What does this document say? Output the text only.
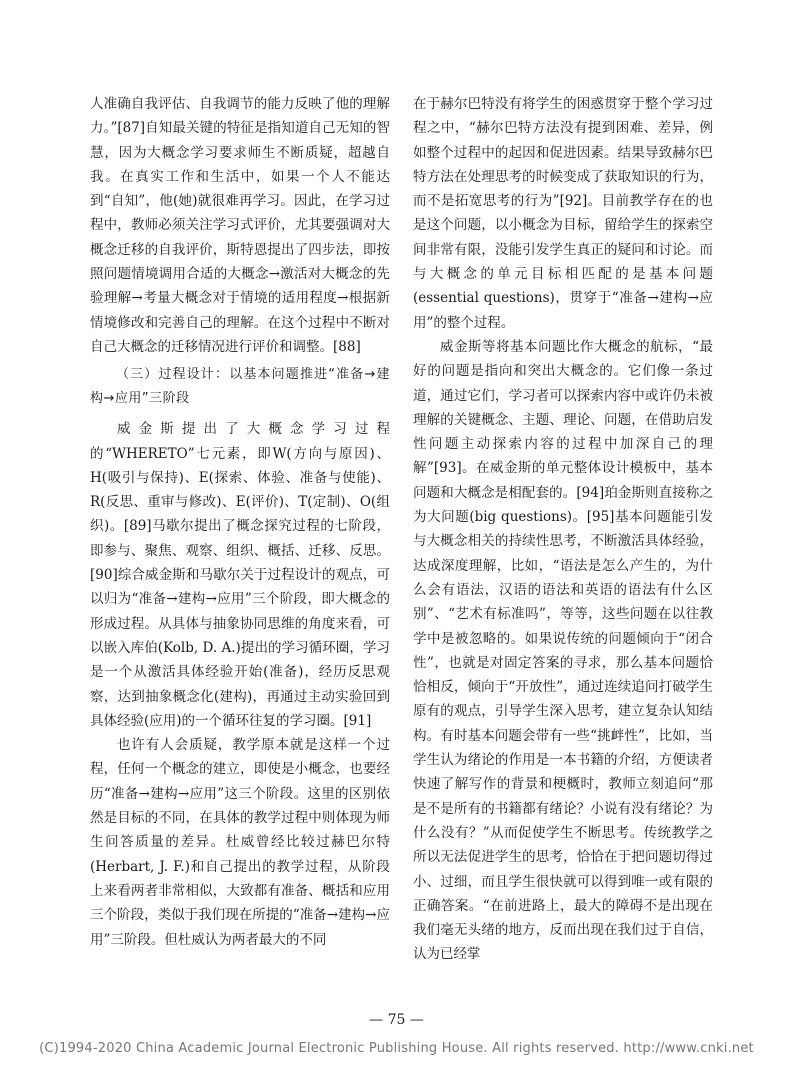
人准确自我评估、自我调节的能力反映了他的理解力。”[87]自知最关键的特征是指知道自己无知的智慧，因为大概念学习要求师生不断质疑，超越自我。在真实工作和生活中，如果一个人不能达到“自知”，他(她)就很难再学习。因此，在学习过程中，教师必须关注学习式评价，尤其要强调对大概念迁移的自我评价，斯特恩提出了四步法，即按照问题情境调用合适的大概念→激活对大概念的先验理解→考量大概念对于情境的适用程度→根据新情境修改和完善自己的理解。在这个过程中不断对自己大概念的迁移情况进行评价和调整。[88]

（三）过程设计：以基本问题推进“准备→建构→应用”三阶段

威金斯提出了大概念学习过程的“WHERETO”七元素，即W(方向与原因)、H(吸引与保持)、E(探索、体验、准备与使能)、R(反思、重审与修改)、E(评价)、T(定制)、O(组织)。[89]马歇尔提出了概念探究过程的七阶段，即参与、聚焦、观察、组织、概括、迁移、反思。[90]综合威金斯和马歇尔关于过程设计的观点，可以归为“准备→建构→应用”三个阶段，即大概念的形成过程。从具体与抽象协同思维的角度来看，可以嵌入库伯(Kolb, D. A.)提出的学习循环圈，学习是一个从激活具体经验开始(准备)，经历反思观察，达到抽象概念化(建构)，再通过主动实验回到具体经验(应用)的一个循环往复的学习圈。[91]

也许有人会质疑，教学原本就是这样一个过程，任何一个概念的建立，即使是小概念，也要经历“准备→建构→应用”这三个阶段。这里的区别依然是目标的不同，在具体的教学过程中则体现为师生问答质量的差异。杜威曾经比较过赫巴尔特(Herbart, J. F.)和自己提出的教学过程，从阶段上来看两者非常相似，大致都有准备、概括和应用三个阶段，类似于我们现在所提的“准备→建构→应用”三阶段。但杜威认为两者最大的不同

在于赫尔巴特没有将学生的困惑贯穿于整个学习过程之中，“赫尔巴特方法没有提到困难、差异，例如整个过程中的起因和促进因素。结果导致赫尔巴特方法在处理思考的时候变成了获取知识的行为，而不是拓宽思考的行为”[92]。目前教学存在的也是这个问题，以小概念为目标，留给学生的探索空间非常有限，没能引发学生真正的疑问和讨论。而与大概念的单元目标相匹配的是基本问题(essential questions)，贯穿于“准备→建构→应用”的整个过程。

威金斯等将基本问题比作大概念的航标，“最好的问题是指向和突出大概念的。它们像一条过道，通过它们，学习者可以探索内容中或许仍未被理解的关键概念、主题、理论、问题，在借助启发性问题主动探索内容的过程中加深自己的理解”[93]。在威金斯的单元整体设计模板中，基本问题和大概念是相配套的。[94]珀金斯则直接称之为大问题(big questions)。[95]基本问题能引发与大概念相关的持续性思考，不断激活具体经验，达成深度理解，比如，“语法是怎么产生的，为什么会有语法，汉语的语法和英语的语法有什么区别”、“艺术有标准吗”，等等，这些问题在以往教学中是被忽略的。如果说传统的问题倾向于“闭合性”，也就是对固定答案的寻求，那么基本问题恰恰相反，倾向于“开放性”，通过连续追问打破学生原有的观点，引导学生深入思考，建立复杂认知结构。有时基本问题会带有一些“挑衅性”，比如，当学生认为绪论的作用是一本书籍的介绍，方便读者快速了解写作的背景和梗概时，教师立刻追问“那是不是所有的书籍都有绪论？小说有没有绪论？为什么没有？”从而促使学生不断思考。传统教学之所以无法促进学生的思考，恰恰在于把问题切得过小、过细，而且学生很快就可以得到唯一或有限的正确答案。“在前进路上，最大的障碍不是出现在我们毫无头绪的地方，反而出现在我们过于自信，认为已经掌

— 75 —
(C)1994-2020 China Academic Journal Electronic Publishing House. All rights reserved. http://www.cnki.net
